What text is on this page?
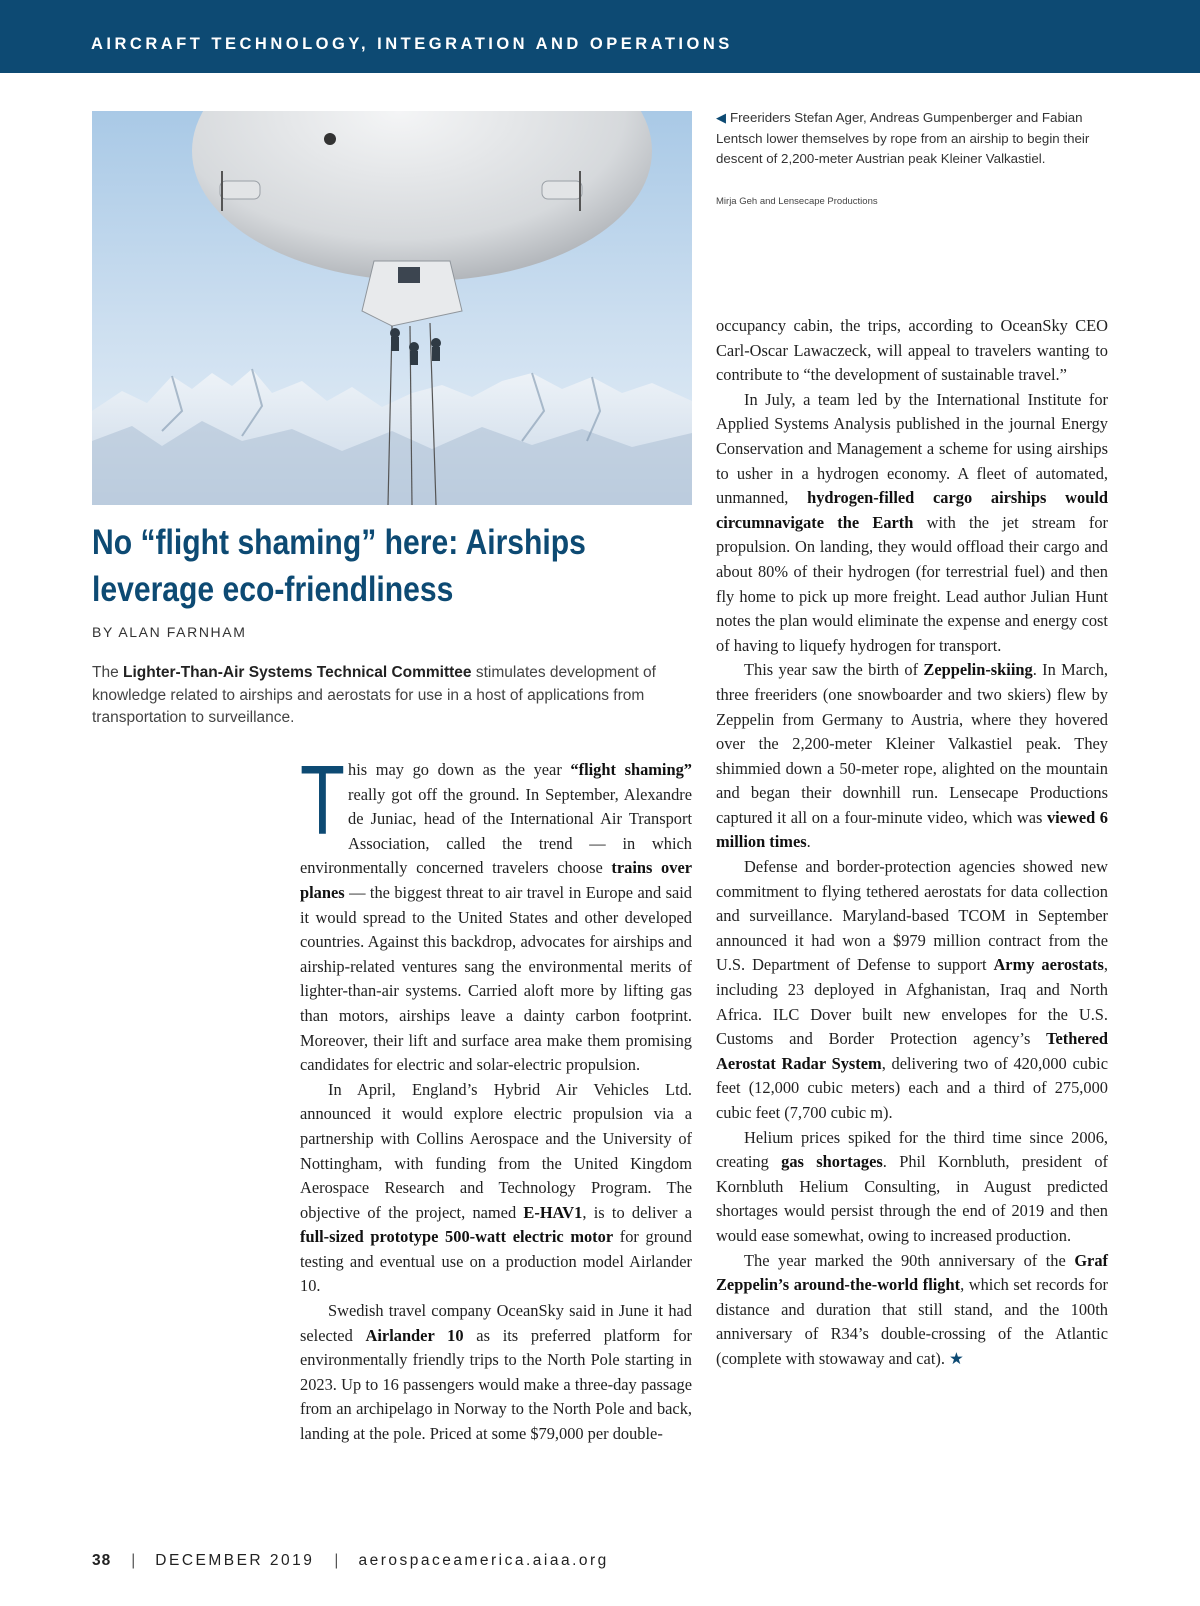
AIRCRAFT TECHNOLOGY, INTEGRATION AND OPERATIONS
◀ Freeriders Stefan Ager, Andreas Gumpenberger and Fabian Lentsch lower themselves by rope from an airship to begin their descent of 2,200-meter Austrian peak Kleiner Valkastiel.
Mirja Geh and Lensecape Productions
No “flight shaming” here: Airships
leverage eco-friendliness
BY ALAN FARNHAM
The Lighter-Than-Air Systems Technical Committee stimulates development of knowledge related to airships and aerostats for use in a host of applications from transportation to surveillance.

This may go down as the year “flight shaming” really got off the ground. In September, Alexandre de Juniac, head of the International Air Transport Association, called the trend — in which environmentally concerned travelers choose trains over planes — the biggest threat to air travel in Europe and said it would spread to the United States and other developed countries. Against this backdrop, advocates for airships and airship-related ventures sang the environmental merits of lighter-than-air systems. Carried aloft more by lifting gas than motors, airships leave a dainty carbon footprint. Moreover, their lift and surface area make them promising candidates for electric and solar-electric propulsion.

In April, England’s Hybrid Air Vehicles Ltd. announced it would explore electric propulsion via a partnership with Collins Aerospace and the University of Nottingham, with funding from the United Kingdom Aerospace Research and Technology Program. The objective of the project, named E-HAV1, is to deliver a full-sized prototype 500-watt electric motor for ground testing and eventual use on a production model Airlander 10.

Swedish travel company OceanSky said in June it had selected Airlander 10 as its preferred platform for environmentally friendly trips to the North Pole starting in 2023. Up to 16 passengers would make a three-day passage from an archipelago in Norway to the North Pole and back, landing at the pole. Priced at some $79,000 per double-

occupancy cabin, the trips, according to OceanSky CEO Carl-Oscar Lawaczeck, will appeal to travelers wanting to contribute to “the development of sustainable travel.”

In July, a team led by the International Institute for Applied Systems Analysis published in the journal Energy Conservation and Management a scheme for using airships to usher in a hydrogen economy. A fleet of automated, unmanned, hydrogen-filled cargo airships would circumnavigate the Earth with the jet stream for propulsion. On landing, they would offload their cargo and about 80% of their hydrogen (for terrestrial fuel) and then fly home to pick up more freight. Lead author Julian Hunt notes the plan would eliminate the expense and energy cost of having to liquefy hydrogen for transport.

This year saw the birth of Zeppelin-skiing. In March, three freeriders (one snowboarder and two skiers) flew by Zeppelin from Germany to Austria, where they hovered over the 2,200-meter Kleiner Valkastiel peak. They shimmied down a 50-meter rope, alighted on the mountain and began their downhill run. Lensecape Productions captured it all on a four-minute video, which was viewed 6 million times.

Defense and border-protection agencies showed new commitment to flying tethered aerostats for data collection and surveillance. Maryland-based TCOM in September announced it had won a $979 million contract from the U.S. Department of Defense to support Army aerostats, including 23 deployed in Afghanistan, Iraq and North Africa. ILC Dover built new envelopes for the U.S. Customs and Border Protection agency’s Tethered Aerostat Radar System, delivering two of 420,000 cubic feet (12,000 cubic meters) each and a third of 275,000 cubic feet (7,700 cubic m).

Helium prices spiked for the third time since 2006, creating gas shortages. Phil Kornbluth, president of Kornbluth Helium Consulting, in August predicted shortages would persist through the end of 2019 and then would ease somewhat, owing to increased production.

The year marked the 90th anniversary of the Graf Zeppelin’s around-the-world flight, which set records for distance and duration that still stand, and the 100th anniversary of R34’s double-crossing of the Atlantic (complete with stowaway and cat). ★

38 | DECEMBER 2019 | aerospaceamerica.aiaa.org
